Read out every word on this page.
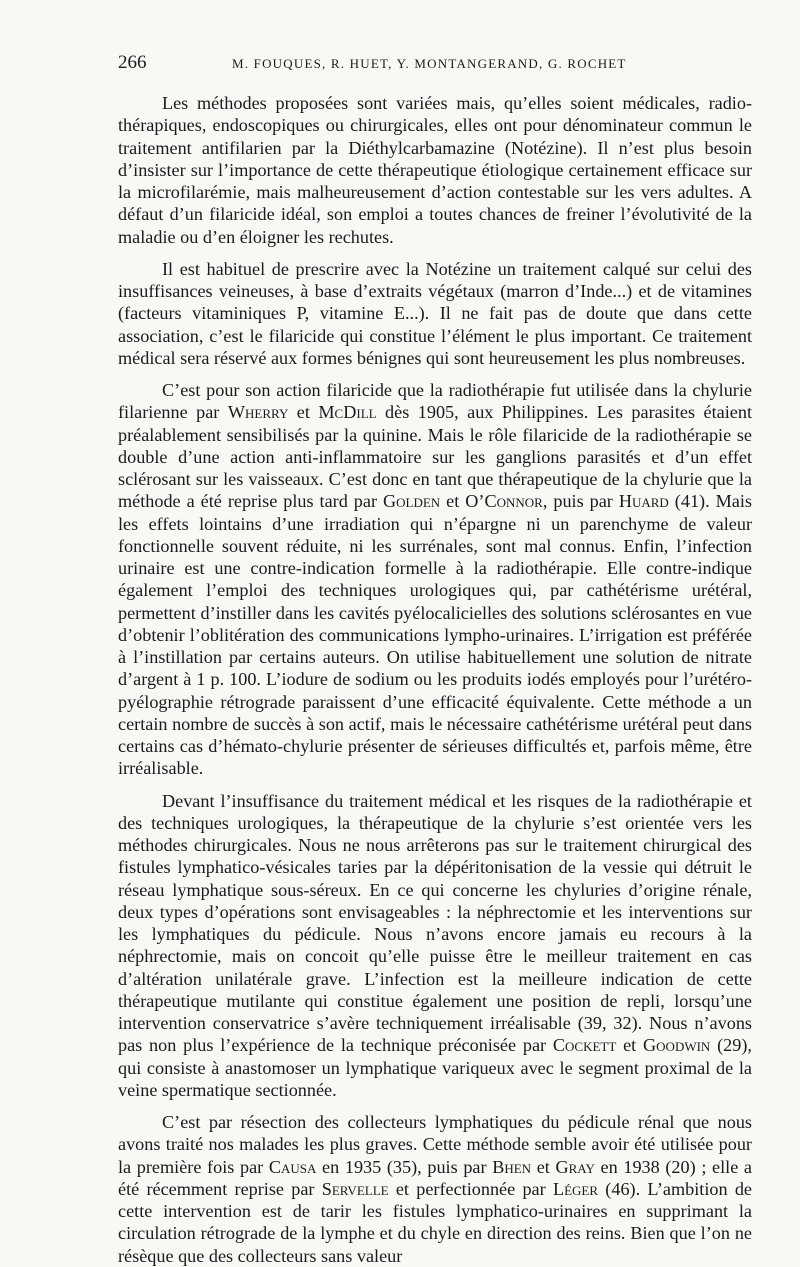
266	M. FOUQUES, R. HUET, Y. MONTANGERAND, G. ROCHET

Les méthodes proposées sont variées mais, qu’elles soient médicales, radiothérapiques, endoscopiques ou chirurgicales, elles ont pour dénominateur commun le traitement antifilarien par la Diéthylcarbamazine (Notézine). Il n’est plus besoin d’insister sur l’importance de cette thérapeutique étiologique certainement efficace sur la microfilarémie, mais malheureusement d’action contestable sur les vers adultes. A défaut d’un filaricide idéal, son emploi a toutes chances de freiner l’évolutivité de la maladie ou d’en éloigner les rechutes.

Il est habituel de prescrire avec la Notézine un traitement calqué sur celui des insuffisances veineuses, à base d’extraits végétaux (marron d’Inde...) et de vitamines (facteurs vitaminiques P, vitamine E...). Il ne fait pas de doute que dans cette association, c’est le filaricide qui constitue l’élément le plus important. Ce traitement médical sera réservé aux formes bénignes qui sont heureusement les plus nombreuses.

C’est pour son action filaricide que la radiothérapie fut utilisée dans la chylurie filarienne par Wherry et McDill dès 1905, aux Philippines. Les parasites étaient préalablement sensibilisés par la quinine. Mais le rôle filaricide de la radiothérapie se double d’une action anti-inflammatoire sur les ganglions parasités et d’un effet sclérosant sur les vaisseaux. C’est donc en tant que thérapeutique de la chylurie que la méthode a été reprise plus tard par Golden et O’Connor, puis par Huard (41). Mais les effets lointains d’une irradiation qui n’épargne ni un parenchyme de valeur fonctionnelle souvent réduite, ni les surrénales, sont mal connus. Enfin, l’infection urinaire est une contre-indication formelle à la radiothérapie. Elle contre-indique également l’emploi des techniques urologiques qui, par cathétérisme urétéral, permettent d’instiller dans les cavités pyélocalicielles des solutions sclérosantes en vue d’obtenir l’oblitération des communications lympho-urinaires. L’irrigation est préférée à l’instillation par certains auteurs. On utilise habituellement une solution de nitrate d’argent à 1 p. 100. L’iodure de sodium ou les produits iodés employés pour l’urétéropyélographie rétrograde paraissent d’une efficacité équivalente. Cette méthode a un certain nombre de succès à son actif, mais le nécessaire cathétérisme urétéral peut dans certains cas d’hémato-chylurie présenter de sérieuses difficultés et, parfois même, être irréalisable.

Devant l’insuffisance du traitement médical et les risques de la radiothérapie et des techniques urologiques, la thérapeutique de la chylurie s’est orientée vers les méthodes chirurgicales. Nous ne nous arrêterons pas sur le traitement chirurgical des fistules lymphatico-vésicales taries par la dépéritonisation de la vessie qui détruit le réseau lymphatique sous-séreux. En ce qui concerne les chyluries d’origine rénale, deux types d’opérations sont envisageables : la néphrectomie et les interventions sur les lymphatiques du pédicule. Nous n’avons encore jamais eu recours à la néphrectomie, mais on concoit qu’elle puisse être le meilleur traitement en cas d’altération unilatérale grave. L’infection est la meilleure indication de cette thérapeutique mutilante qui constitue également une position de repli, lorsqu’une intervention conservatrice s’avère techniquement irréalisable (39, 32). Nous n’avons pas non plus l’expérience de la technique préconisée par Cockett et Goodwin (29), qui consiste à anastomoser un lymphatique variqueux avec le segment proximal de la veine spermatique sectionnée.

C’est par résection des collecteurs lymphatiques du pédicule rénal que nous avons traité nos malades les plus graves. Cette méthode semble avoir été utilisée pour la première fois par Causa en 1935 (35), puis par Bhen et Gray en 1938 (20) ; elle a été récemment reprise par Servelle et perfectionnée par Léger (46). L’ambition de cette intervention est de tarir les fistules lymphatico-urinaires en supprimant la circulation rétrograde de la lymphe et du chyle en direction des reins. Bien que l’on ne résèque que des collecteurs sans valeur
